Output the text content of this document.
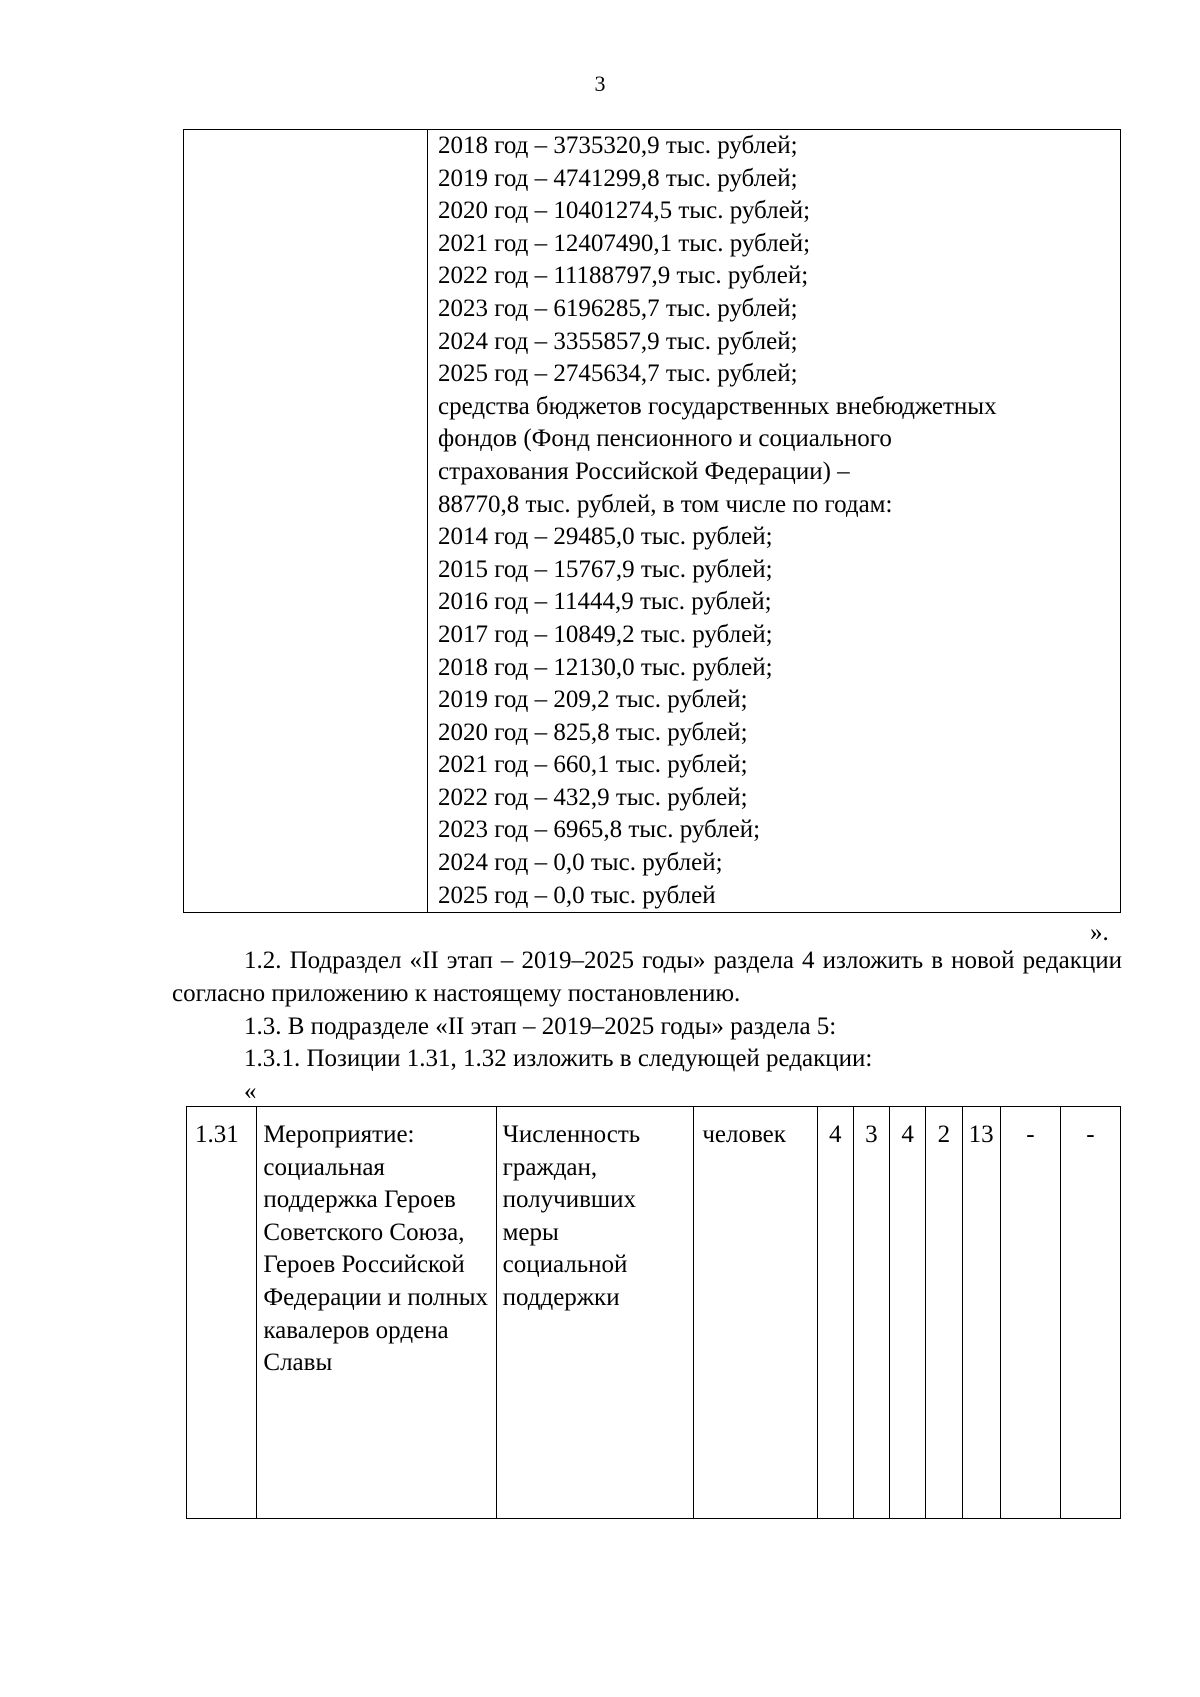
3

2018 год – 3735320,9 тыс. рублей;
2019 год – 4741299,8 тыс. рублей;
2020 год – 10401274,5 тыс. рублей;
2021 год – 12407490,1 тыс. рублей;
2022 год – 11188797,9 тыс. рублей;
2023 год – 6196285,7 тыс. рублей;
2024 год – 3355857,9 тыс. рублей;
2025 год – 2745634,7 тыс. рублей;
средства бюджетов государственных внебюджетных
фондов (Фонд пенсионного и социального
страхования Российской Федерации) –
88770,8 тыс. рублей, в том числе по годам:
2014 год – 29485,0 тыс. рублей;
2015 год – 15767,9 тыс. рублей;
2016 год – 11444,9 тыс. рублей;
2017 год – 10849,2 тыс. рублей;
2018 год – 12130,0 тыс. рублей;
2019 год – 209,2 тыс. рублей;
2020 год – 825,8 тыс. рублей;
2021 год – 660,1 тыс. рублей;
2022 год – 432,9 тыс. рублей;
2023 год – 6965,8 тыс. рублей;
2024 год – 0,0 тыс. рублей;
2025 год – 0,0 тыс. рублей
».
1.2. Подраздел «II этап – 2019–2025 годы» раздела 4 изложить в новой редакции согласно приложению к настоящему постановлению.
1.3. В подразделе «II этап – 2019–2025 годы» раздела 5:
1.3.1. Позиции 1.31, 1.32 изложить в следующей редакции:
«
1.31	Мероприятие: социальная поддержка Героев Советского Союза, Героев Российской Федерации и полных кавалеров ордена Славы	Численность граждан, получивших меры социальной поддержки	человек	4	3	4	2	13	-	-
